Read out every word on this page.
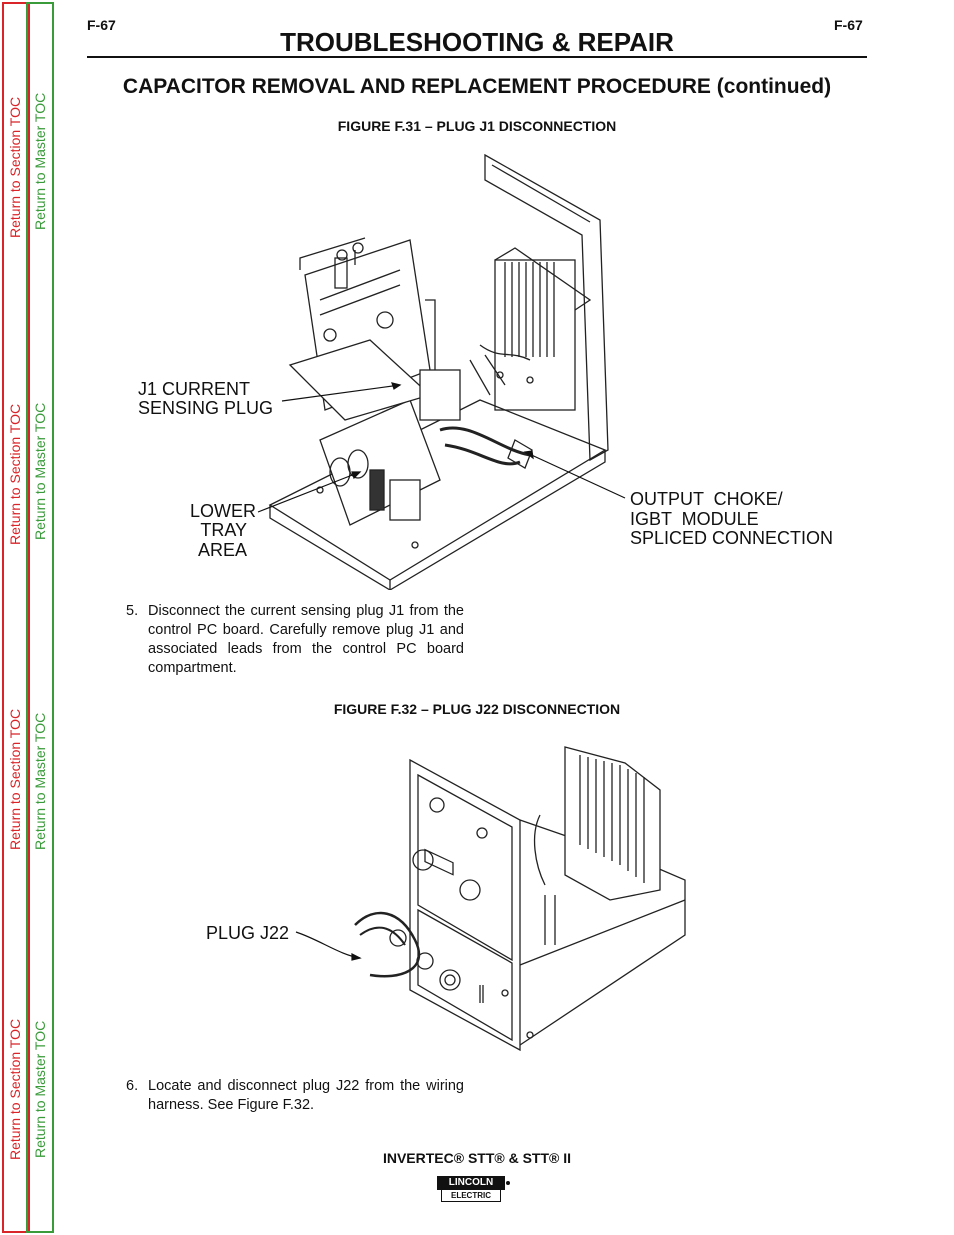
Return to Section TOC
Return to Section TOC
Return to Section TOC
Return to Section TOC
Return to Master TOC
Return to Master TOC
Return to Master TOC
Return to Master TOC
F-67	F-67
TROUBLESHOOTING & REPAIR
CAPACITOR REMOVAL AND REPLACEMENT PROCEDURE (continued)
FIGURE F.31 – PLUG J1 DISCONNECTION
J1 CURRENT
SENSING PLUG
LOWER
TRAY
AREA
OUTPUT  CHOKE/
IGBT  MODULE
SPLICED CONNECTION
5. Disconnect the current sensing plug J1 from the control PC board. Carefully remove plug J1 and associated leads from the control PC board compartment.
FIGURE F.32 – PLUG J22 DISCONNECTION
PLUG J22
6. Locate and disconnect plug J22 from the wiring harness. See Figure F.32.
INVERTEC® STT® & STT® II
LINCOLN
ELECTRIC
